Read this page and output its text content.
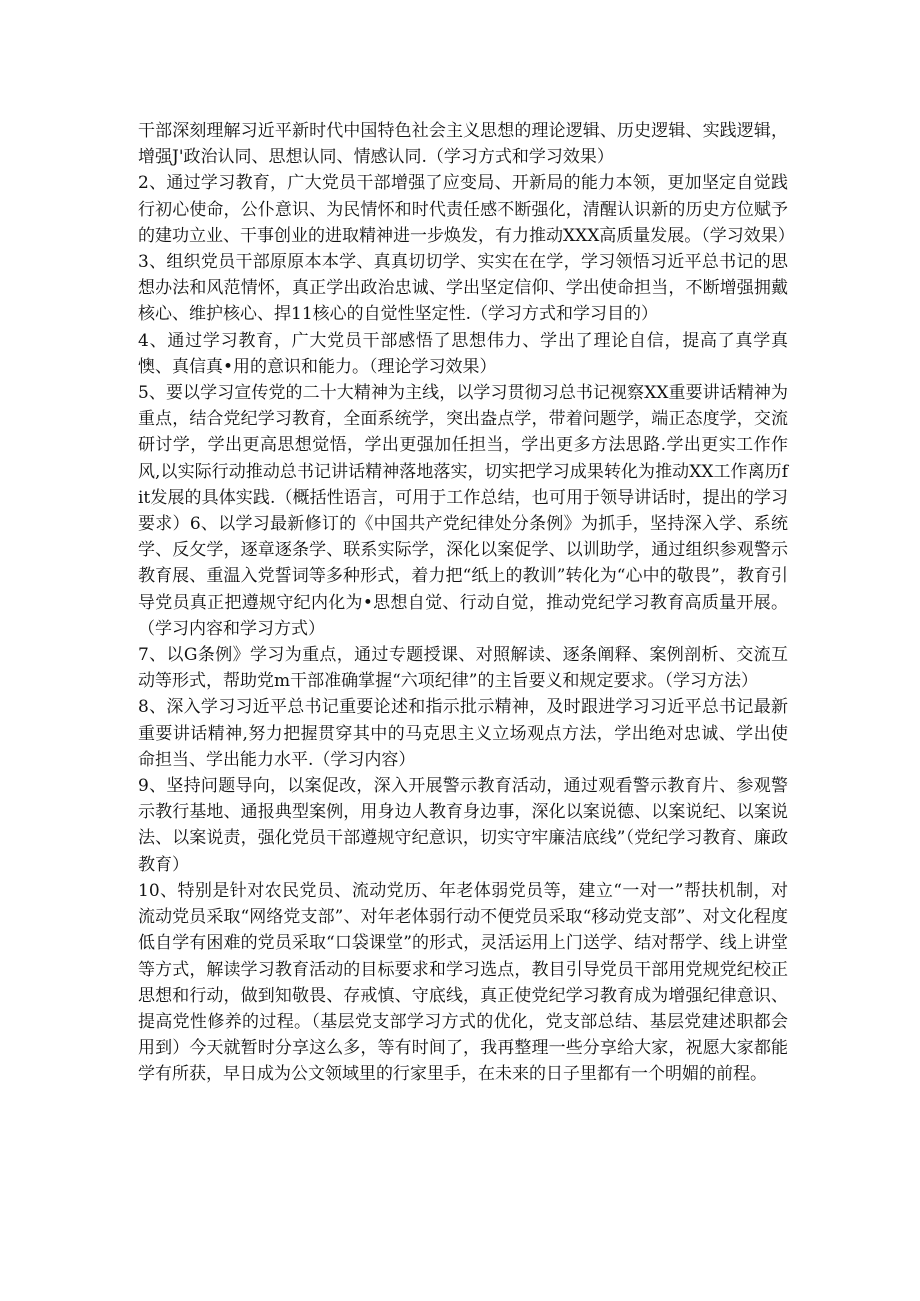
干部深刻理解习近平新时代中国特色社会主义思想的理论逻辑、历史逻辑、实践逻辑，增强J'政治认同、思想认同、情感认同.（学习方式和学习效果）

2、通过学习教育，广大党员干部增强了应变局、开新局的能力本领，更加坚定自觉践行初心使命，公仆意识、为民情怀和时代责任感不断强化，清醒认识新的历史方位赋予的建功立业、干事创业的进取精神进一步焕发，有力推动XXX高质量发展。（学习效果）

3、组织党员干部原原本本学、真真切切学、实实在在学，学习领悟习近平总书记的思想办法和风范情怀，真正学出政治忠诚、学出坚定信仰、学出使命担当，不断增强拥戴核心、维护核心、捍11核心的自觉性坚定性.（学习方式和学习目的）

4、通过学习教育，广大党员干部感悟了思想伟力、学出了理论自信，提高了真学真懊、真信真•用的意识和能力。（理论学习效果）

5、要以学习宣传党的二十大精神为主线，以学习贯彻习总书记视察XX重要讲话精神为重点，结合党纪学习教育，全面系统学，突出盎点学，带着问题学，端正态度学，交流研讨学，学出更高思想觉悟，学出更强加任担当，学出更多方法思路.学出更实工作作风,以实际行动推动总书记讲话精神落地落实，切实把学习成果转化为推动XX工作离历fit发展的具体实践.（概括性语言，可用于工作总结，也可用于领导讲话时，提出的学习要求）6、以学习最新修订的《中国共产党纪律处分条例》为抓手，坚持深入学、系统学、反攵学，逐章逐条学、联系实际学，深化以案促学、以训助学，通过组织参观警示教育展、重温入党誓词等多种形式，着力把“纸上的教训”转化为“心中的敬畏”，教育引导党员真正把遵规守纪内化为•思想自觉、行动自觉，推动党纪学习教育高质量开展。（学习内容和学习方式）

7、以G条例》学习为重点，通过专题授课、对照解读、逐条阐释、案例剖析、交流互动等形式，帮助党m干部准确掌握“六项纪律”的主旨要义和规定要求。（学习方法）

8、深入学习习近平总书记重要论述和指示批示精神，及时跟进学习习近平总书记最新重要讲话精神,努力把握贯穿其中的马克思主义立场观点方法，学出绝对忠诚、学出使命担当、学出能力水平.（学习内容）

9、坚持问题导向，以案促改，深入开展警示教育活动，通过观看警示教育片、参观警示教行基地、通报典型案例，用身边人教育身边事，深化以案说德、以案说纪、以案说法、以案说责，强化党员干部遵规守纪意识，切实守牢廉洁底线”（党纪学习教育、廉政教育）

10、特别是针对农民党员、流动党历、年老体弱党员等，建立“一对一”帮扶机制，对流动党员采取“网络党支部”、对年老体弱行动不便党员采取“移动党支部”、对文化程度低自学有困难的党员采取“口袋课堂”的形式，灵活运用上门送学、结对帮学、线上讲堂等方式，解读学习教育活动的目标要求和学习选点，教目引导党员干部用党规党纪校正思想和行动，做到知敬畏、存戒慎、守底线，真正使党纪学习教育成为增强纪律意识、提高党性修养的过程。（基层党支部学习方式的优化，党支部总结、基层党建述职都会用到）今天就暂时分享这么多，等有时间了，我再整理一些分享给大家，祝愿大家都能学有所获，早日成为公文领域里的行家里手，在未来的日子里都有一个明媚的前程。
